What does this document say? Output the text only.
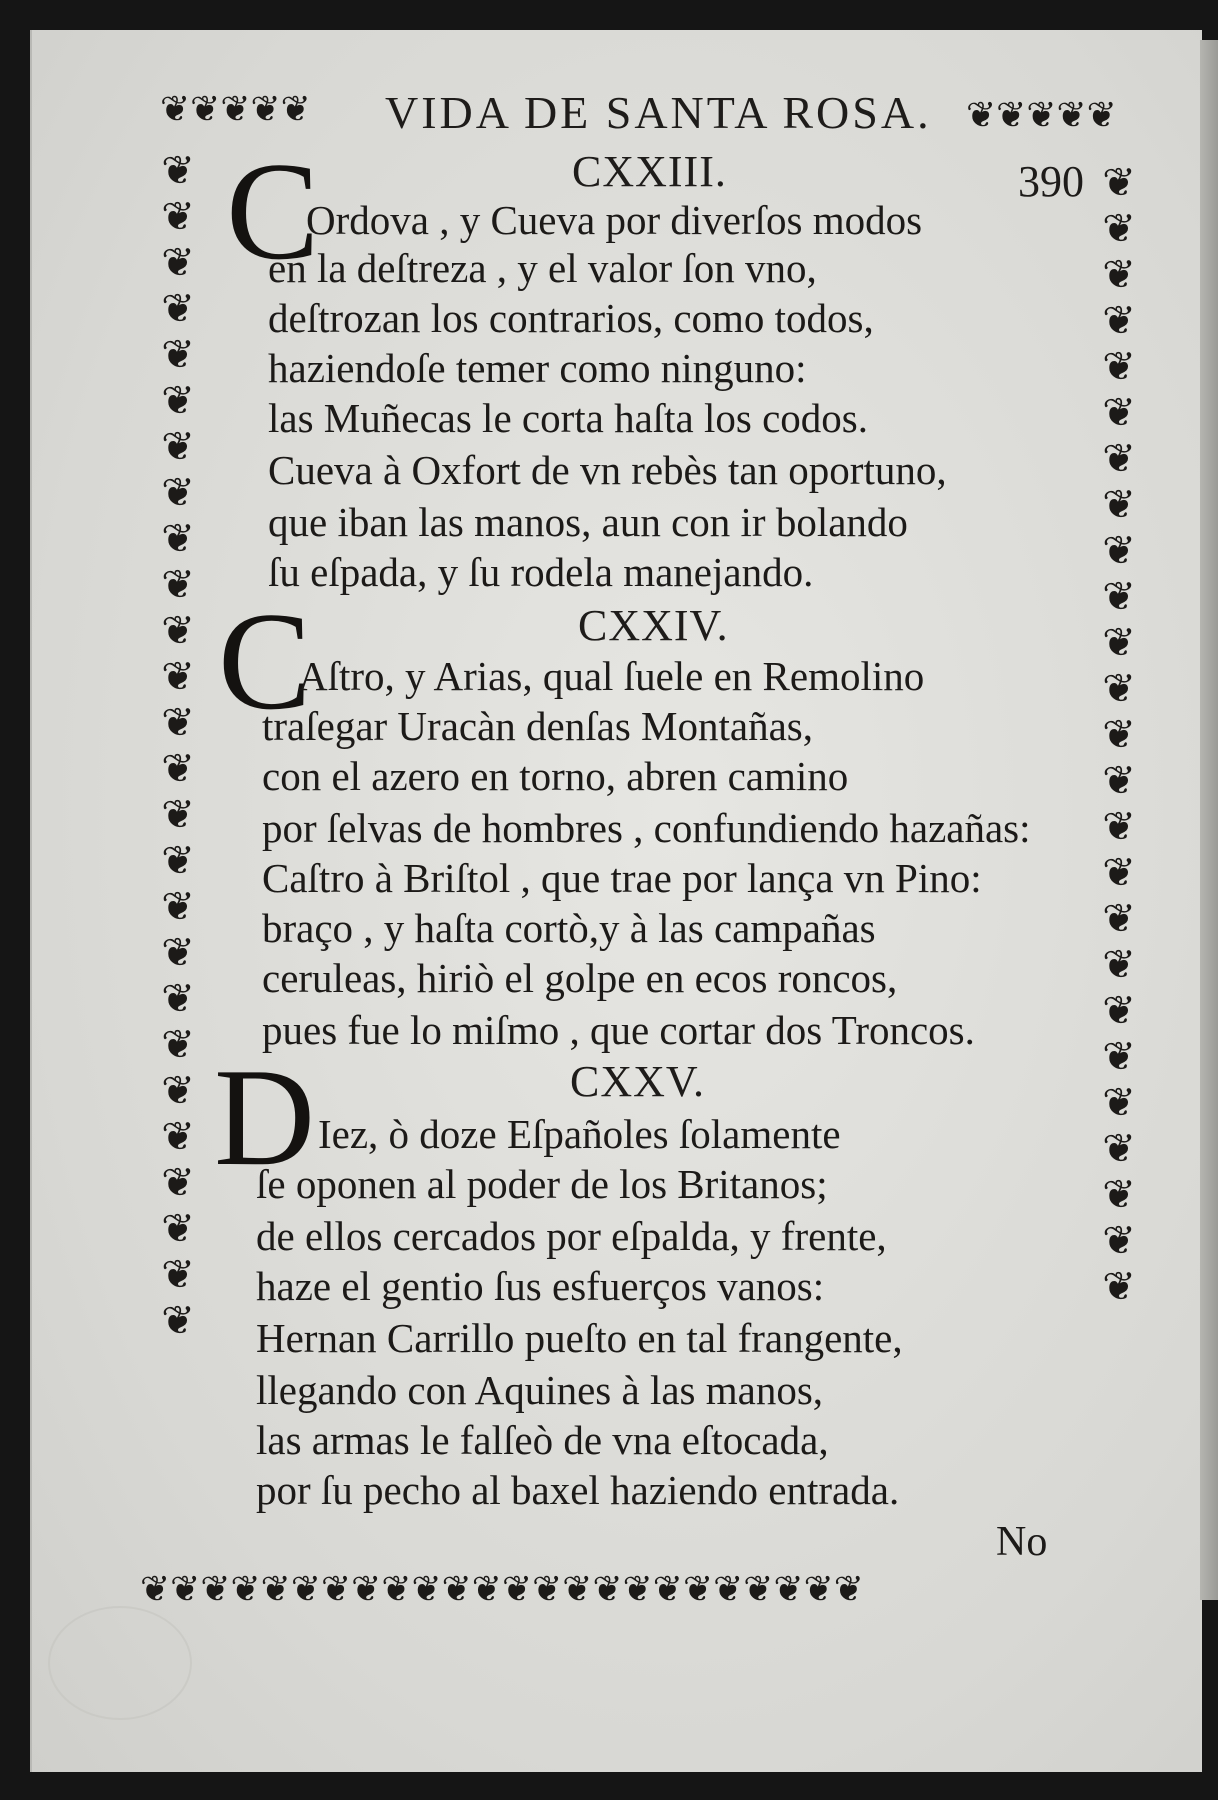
❦❦❦❦❦	❦❦❦❦❦
❦
❦
❦
❦
❦
❦
❦
❦
❦
❦
❦
❦
❦
❦
❦
❦
❦
❦
❦
❦
❦
❦
❦
❦
❦
❦
❦
❦
❦
❦
❦
❦
❦
❦
❦
❦
❦
❦
❦
❦
❦
❦
❦
❦
❦
❦
❦
❦
❦
❦
❦
❦❦❦❦❦❦❦❦❦❦❦❦❦❦❦❦❦❦❦❦❦❦❦❦
VIDA DE SANTA ROSA.
390
CXXIII.
C
Ordova , y Cueva por diverſos modos
en la deſtreza , y el valor ſon vno,
deſtrozan los contrarios, como todos,
haziendoſe temer como ninguno:
las Muñecas le corta haſta los codos.
Cueva à Oxfort de vn rebès tan oportuno,
que iban las manos, aun con ir bolando
ſu eſpada, y ſu rodela manejando.
CXXIV.
C
Aſtro, y Arias, qual ſuele en Remolino
traſegar Uracàn denſas Montañas,
con el azero en torno, abren camino
por ſelvas de hombres , confundiendo hazañas:
Caſtro à Briſtol , que trae por lança vn Pino:
braço , y haſta cortò,y à las campañas
ceruleas, hiriò el golpe en ecos roncos,
pues fue lo miſmo , que cortar dos Troncos.
CXXV.
D Iez, ò doze Eſpañoles ſolamente
ſe oponen al poder de los Britanos;
de ellos cercados por eſpalda, y frente,
haze el gentio ſus esfuerços vanos:
Hernan Carrillo pueſto en tal frangente,
llegando con Aquines à las manos,
las armas le falſeò de vna eſtocada,
por ſu pecho al baxel haziendo entrada.
No
